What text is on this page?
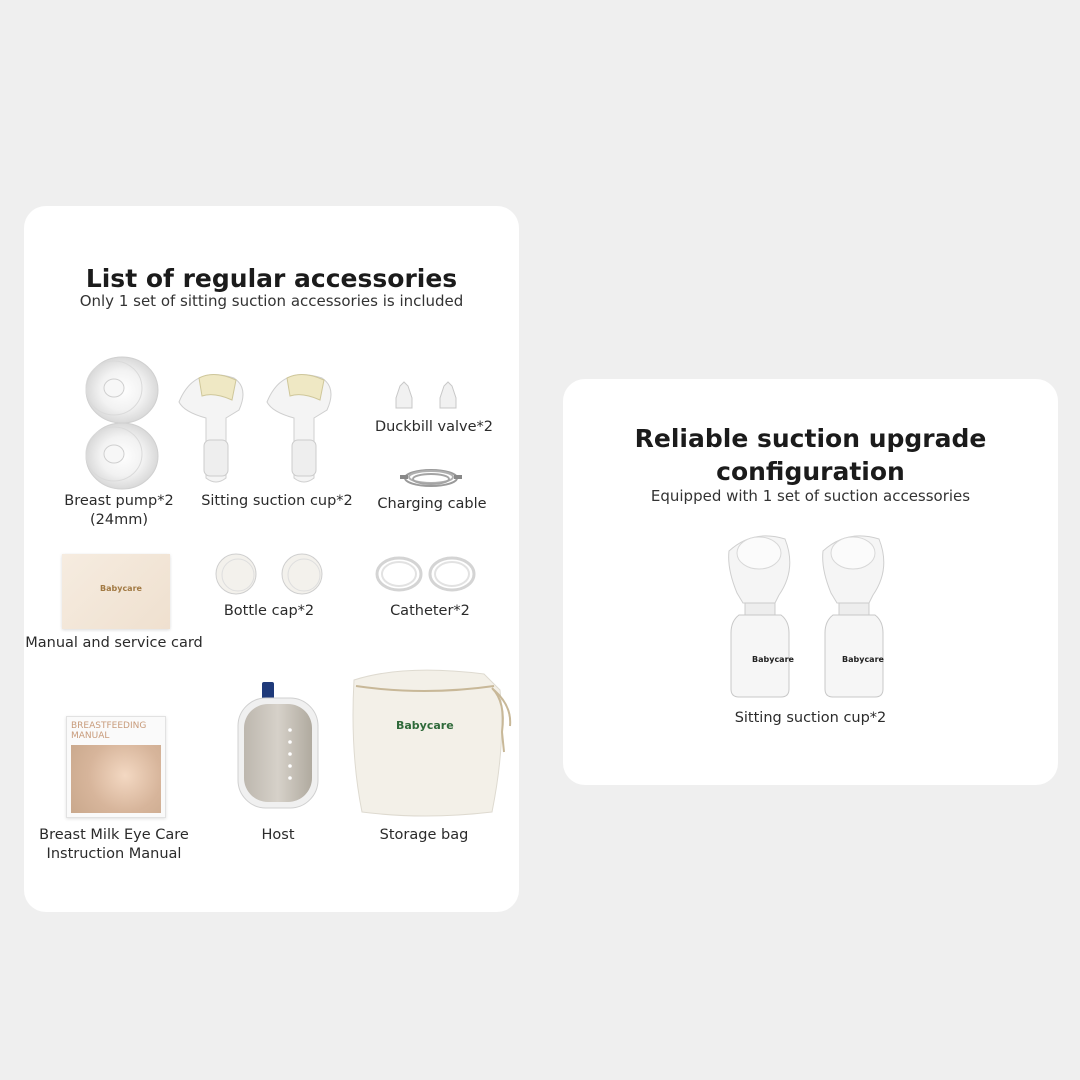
List of regular accessories
Only 1 set of sitting suction accessories is included
Duckbill valve*2
Charging cable
Breast pump*2
(24mm)
Sitting suction cup*2
Babycare
Manual and service card
Bottle cap*2	Catheter*2
BREASTFEEDING
MANUAL
Breast Milk Eye Care
Instruction Manual
Host
Babycare
Storage bag
Reliable suction upgrade
configuration
Equipped with 1 set of suction accessories
Babycare	Babycare
Sitting suction cup*2
